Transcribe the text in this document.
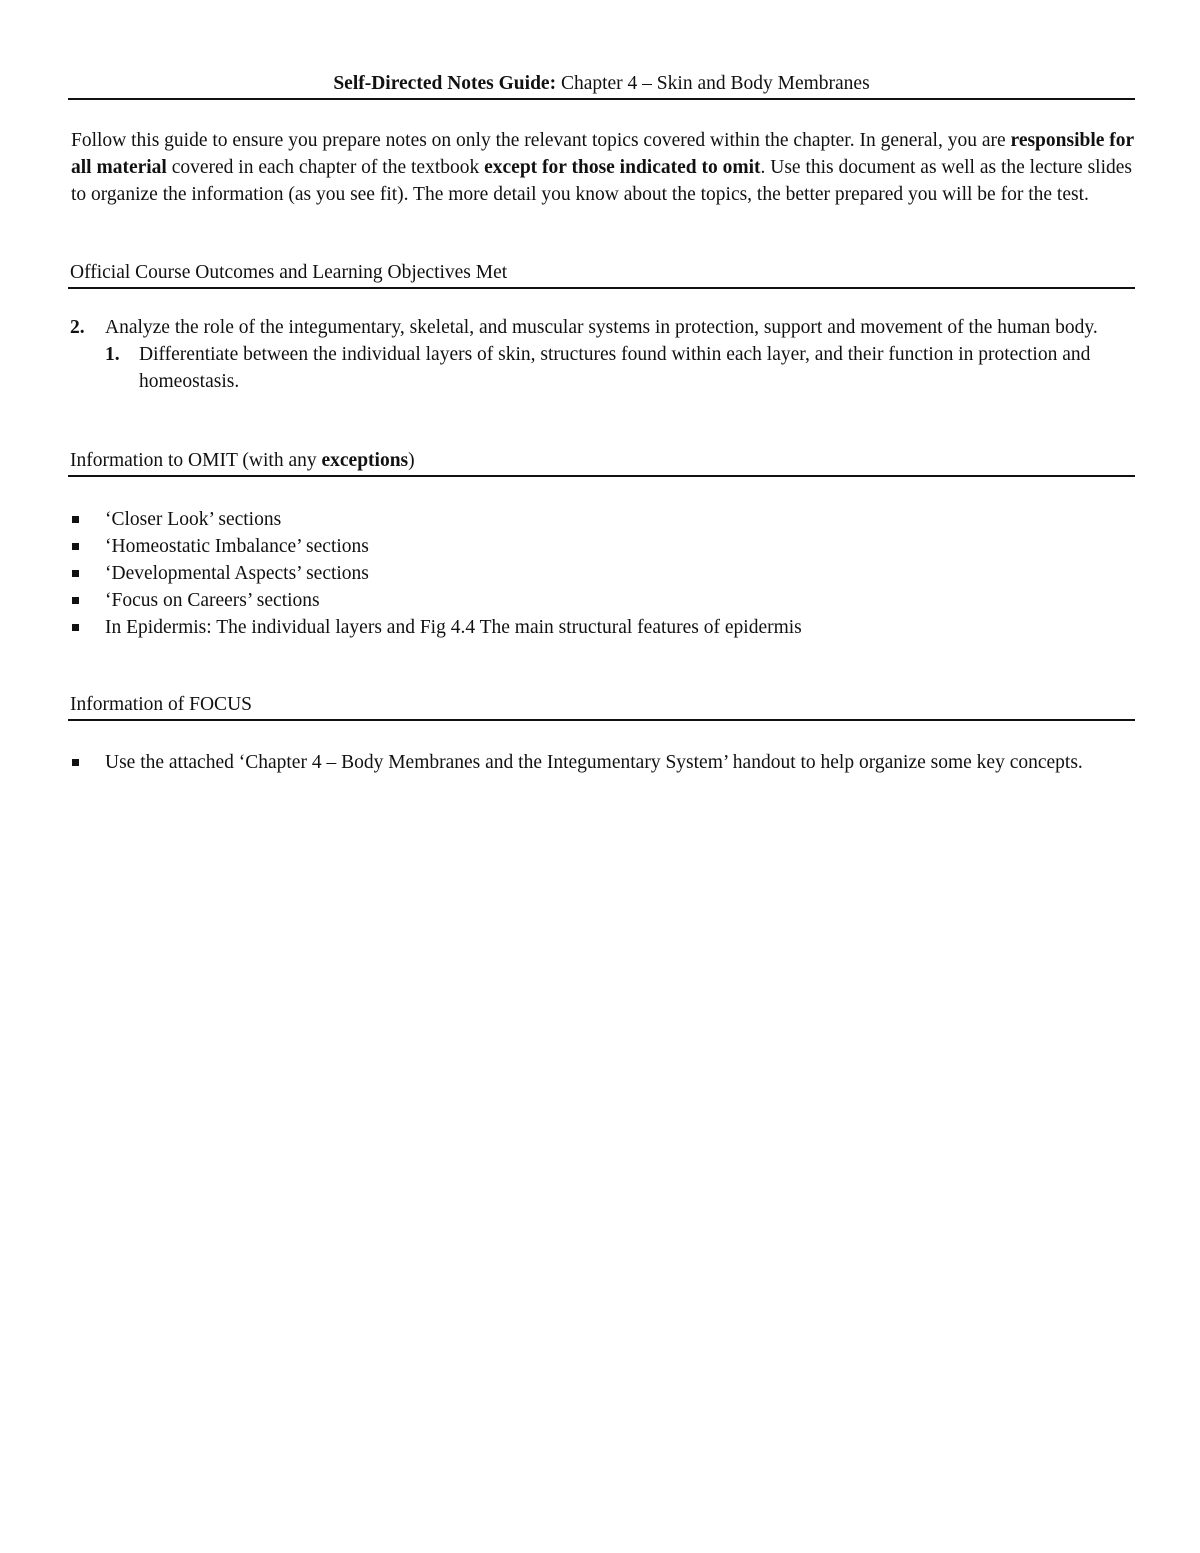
Self-Directed Notes Guide: Chapter 4 – Skin and Body Membranes

Follow this guide to ensure you prepare notes on only the relevant topics covered within the chapter. In general, you are responsible for all material covered in each chapter of the textbook except for those indicated to omit. Use this document as well as the lecture slides to organize the information (as you see fit). The more detail you know about the topics, the better prepared you will be for the test.

Official Course Outcomes and Learning Objectives Met
2. Analyze the role of the integumentary, skeletal, and muscular systems in protection, support and movement of the human body.
1. Differentiate between the individual layers of skin, structures found within each layer, and their function in protection and homeostasis.
Information to OMIT (with any exceptions)
‘Closer Look’ sections
‘Homeostatic Imbalance’ sections
‘Developmental Aspects’ sections
‘Focus on Careers’ sections
In Epidermis: The individual layers and Fig 4.4 The main structural features of epidermis
Information of FOCUS
Use the attached ‘Chapter 4 – Body Membranes and the Integumentary System’ handout to help organize some key concepts.
